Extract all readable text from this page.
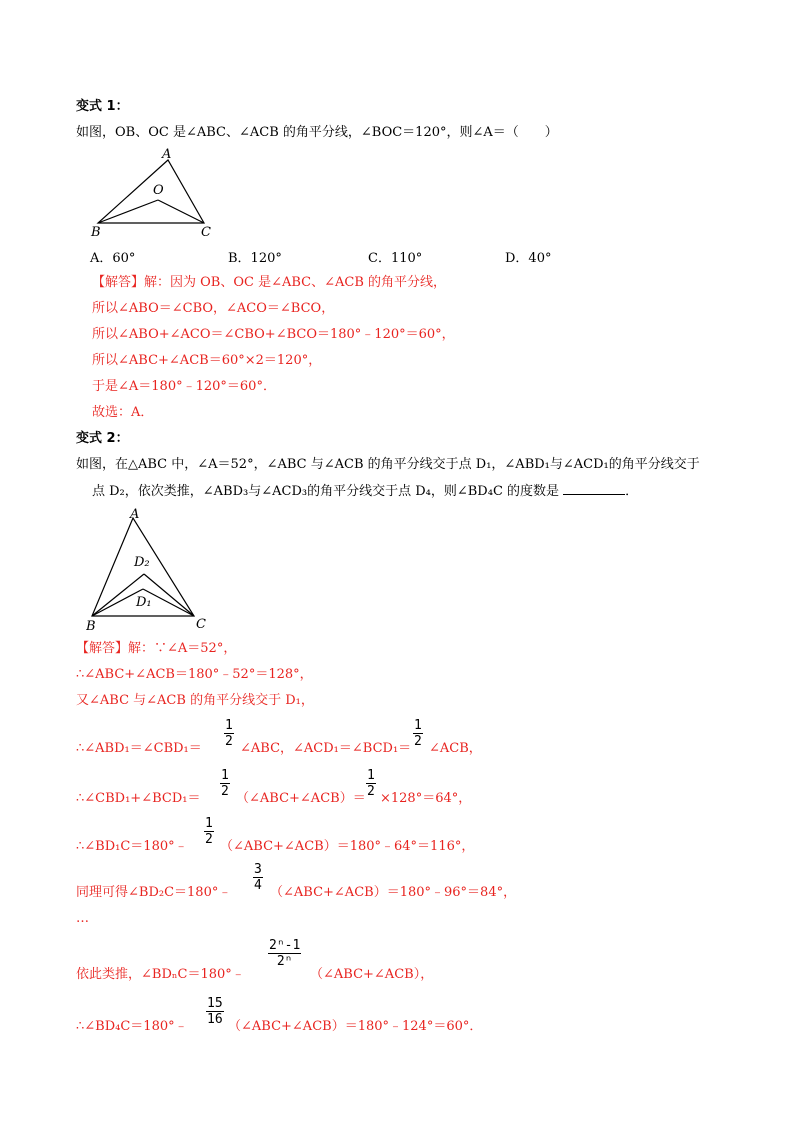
变式 1：
如图，OB、OC 是∠ABC、∠ACB 的角平分线，∠BOC＝120°，则∠A＝（　　）
A
O
B	C
A．60°	B．120°	C．110°	D．40°
【解答】解：因为 OB、OC 是∠ABC、∠ACB 的角平分线，
所以∠ABO＝∠CBO，∠ACO＝∠BCO，
所以∠ABO+∠ACO＝∠CBO+∠BCO＝180°﹣120°＝60°，
所以∠ABC+∠ACB＝60°×2＝120°，
于是∠A＝180°﹣120°＝60°．
故选：A．
变式 2：
如图，在△ABC 中，∠A＝52°，∠ABC 与∠ACB 的角平分线交于点 D₁，∠ABD₁与∠ACD₁的角平分线交于
点 D₂，依次类推，∠ABD₃与∠ACD₃的角平分线交于点 D₄，则∠BD₄C 的度数是	．
A
D₂
D₁
B	C
【解答】解：∵∠A＝52°，
∴∠ABC+∠ACB＝180°﹣52°＝128°，
又∠ABC 与∠ACB 的角平分线交于 D₁，
∴∠ABD₁＝∠CBD₁＝ $\frac{1}{2}$ ∠ABC，∠ACD₁＝∠BCD₁＝ $\frac{1}{2}$ ∠ACB，
∴∠CBD₁+∠BCD₁＝ $\frac{1}{2}$ （∠ABC+∠ACB）＝ $\frac{1}{2} \times 128^\circ=64^\circ$，
∴∠BD₁C＝180°﹣ $\frac{1}{2}$ （∠ABC+∠ACB）＝180°﹣64°＝116°，
同理可得∠BD₂C＝180°﹣ $\frac{3}{4}$ （∠ABC+∠ACB）＝180°﹣96°＝84°，
…
依此类推，∠BDₙC＝180°﹣
$\frac{\text{2ⁿ-1}}{\text{2ⁿ}}$
（∠ABC+∠ACB），
∴∠BD₄C＝180°﹣ $\frac{15}{16}$ （∠ABC+∠ACB）＝180°﹣124°＝60°．
